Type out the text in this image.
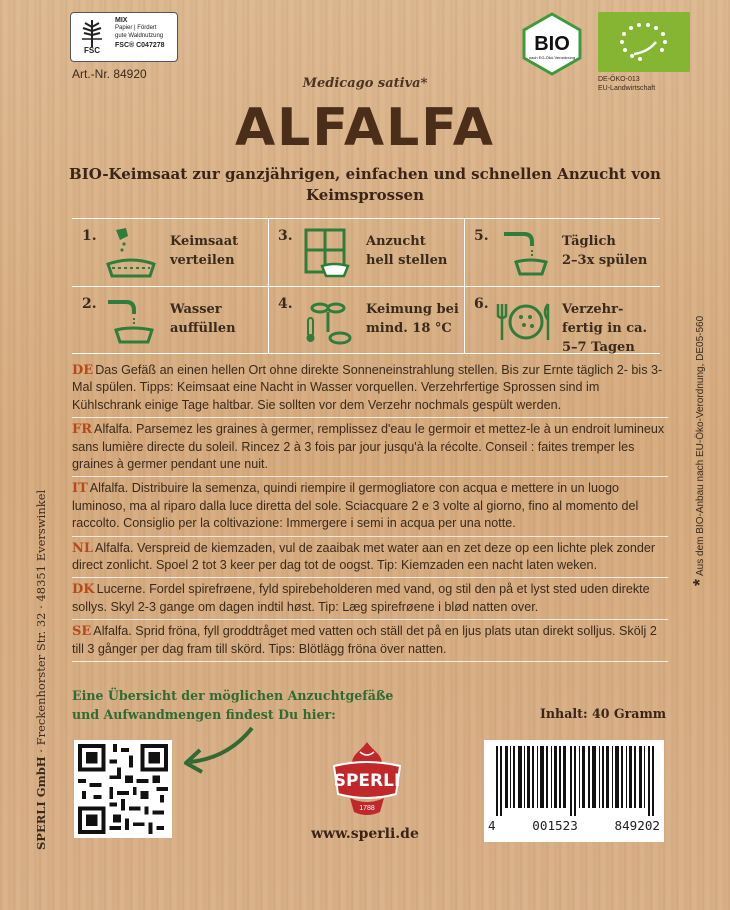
FSC
MIX
Papier | Fördert
gute Waldnutzung
FSC® C047278
Art.-Nr. 84920
BIO
nach EG-Öko-Verordnung
DE-ÖKO-013
EU-Landwirtschaft
Medicago sativa*
ALFALFA
BIO-Keimsaat zur ganzjährigen, einfachen und schnellen Anzucht von Keimsprossen
1.	Keimsaat
verteilen
3.	Anzucht
hell stellen
5.	Täglich
2–3x spülen
2.	Wasser
auffüllen
4.	Keimung bei
mind. 18 °C
6.	Verzehr-
fertig in ca.
5–7 Tagen
DE Das Gefäß an einen hellen Ort ohne direkte Sonneneinstrahlung stellen. Bis zur Ernte täglich 2- bis 3-Mal spülen. Tipps: Keimsaat eine Nacht in Wasser vorquellen. Verzehrfertige Sprossen sind im Kühlschrank einige Tage haltbar. Sie sollten vor dem Verzehr nochmals gespült werden.
FR Alfalfa. Parsemez les graines à germer, remplissez d'eau le germoir et mettez-le à un endroit lumineux sans lumière directe du soleil. Rincez 2 à 3 fois par jour jusqu'à la récolte. Conseil : faites tremper les graines à germer pendant une nuit.
IT Alfalfa. Distribuire la semenza, quindi riempire il germogliatore con acqua e mettere in un luogo luminoso, ma al riparo dalla luce diretta del sole. Sciacquare 2 e 3 volte al giorno, fino al momento del raccolto. Consiglio per la coltivazione: Immergere i semi in acqua per una notte.
NL Alfalfa. Verspreid de kiemzaden, vul de zaaibak met water aan en zet deze op een lichte plek zonder direct zonlicht. Spoel 2 tot 3 keer per dag tot de oogst. Tip: Kiemzaden een nacht laten weken.
DK Lucerne. Fordel spirefrøene, fyld spirebeholderen med vand, og stil den på et lyst sted uden direkte sollys. Skyl 2-3 gange om dagen indtil høst. Tip: Læg spirefrøene i blød natten over.
SE Alfalfa. Sprid fröna, fyll groddtråget med vatten och ställ det på en ljus plats utan direkt solljus. Skölj 2 till 3 gånger per dag fram till skörd. Tips: Blötlägg fröna över natten.
*Aus dem BIO-Anbau nach EU-Öko-Verordnung, DE05-560
SPERLI GmbH · Freckenhorster Str. 32 · 48351 Everswinkel Eine Übersicht der möglichen Anzuchtgefäße
und Aufwandmengen findest Du hier:
SPERLI
1788
www.sperli.de
Inhalt: 40 Gramm
4	001523	849202
